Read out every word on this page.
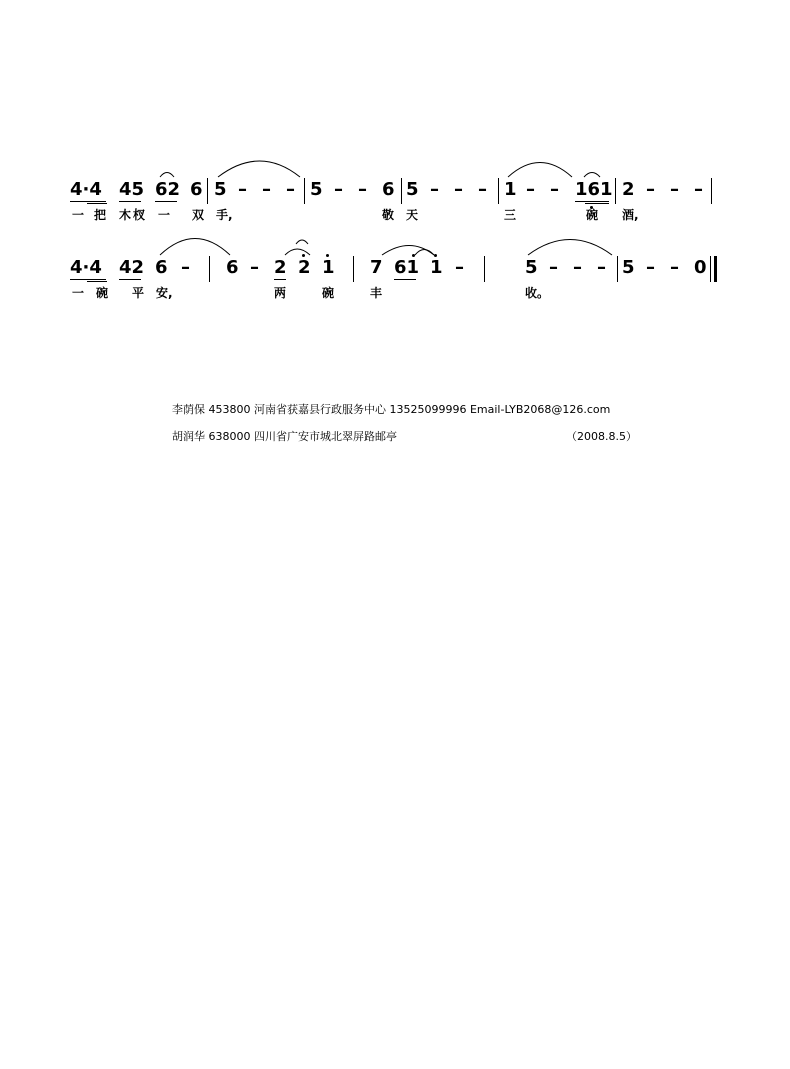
4·4 45 62 6 5 – – – 5 – – 6 5 – – – 1 – – 161 2 – – –
一 把 木 杈 一 双 手,	敬 天	三	碗 酒,
4·4 42 6 – 6 – 2 2 1 7 61 1 –	5 – – – 5 – – 0
一 碗 平 安,	两	碗	丰	收。
李荫保 453800 河南省获嘉县行政服务中心 13525099996 Email-LYB2068@126.com
胡润华 638000 四川省广安市城北翠屏路邮亭	（2008.8.5）
